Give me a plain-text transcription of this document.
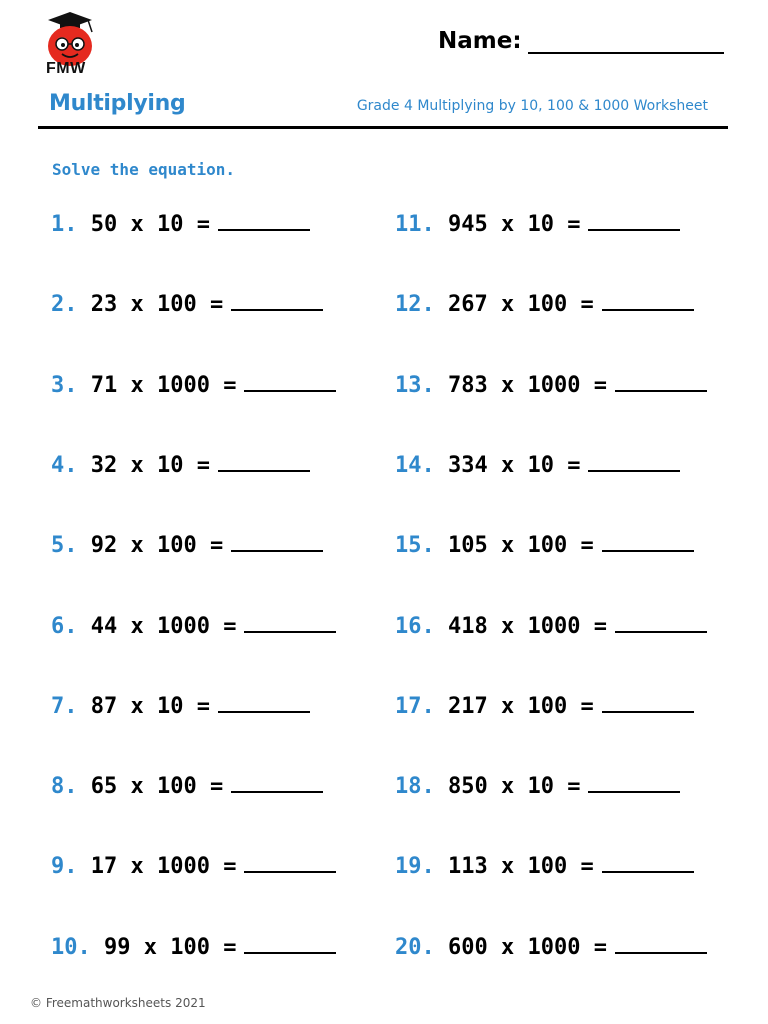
FMW
Name:
Multiplying	Grade 4 Multiplying by 10, 100 & 1000 Worksheet
Solve the equation.
1. 50 x 10 =
2. 23 x 100 =
3. 71 x 1000 =
4. 32 x 10 =
5. 92 x 100 =
6. 44 x 1000 =
7. 87 x 10 =
8. 65 x 100 =
9. 17 x 1000 =
10. 99 x 100 =
11. 945 x 10 =
12. 267 x 100 =
13. 783 x 1000 =
14. 334 x 10 =
15. 105 x 100 =
16. 418 x 1000 =
17. 217 x 100 =
18. 850 x 10 =
19. 113 x 100 =
20. 600 x 1000 =
© Freemathworksheets 2021
